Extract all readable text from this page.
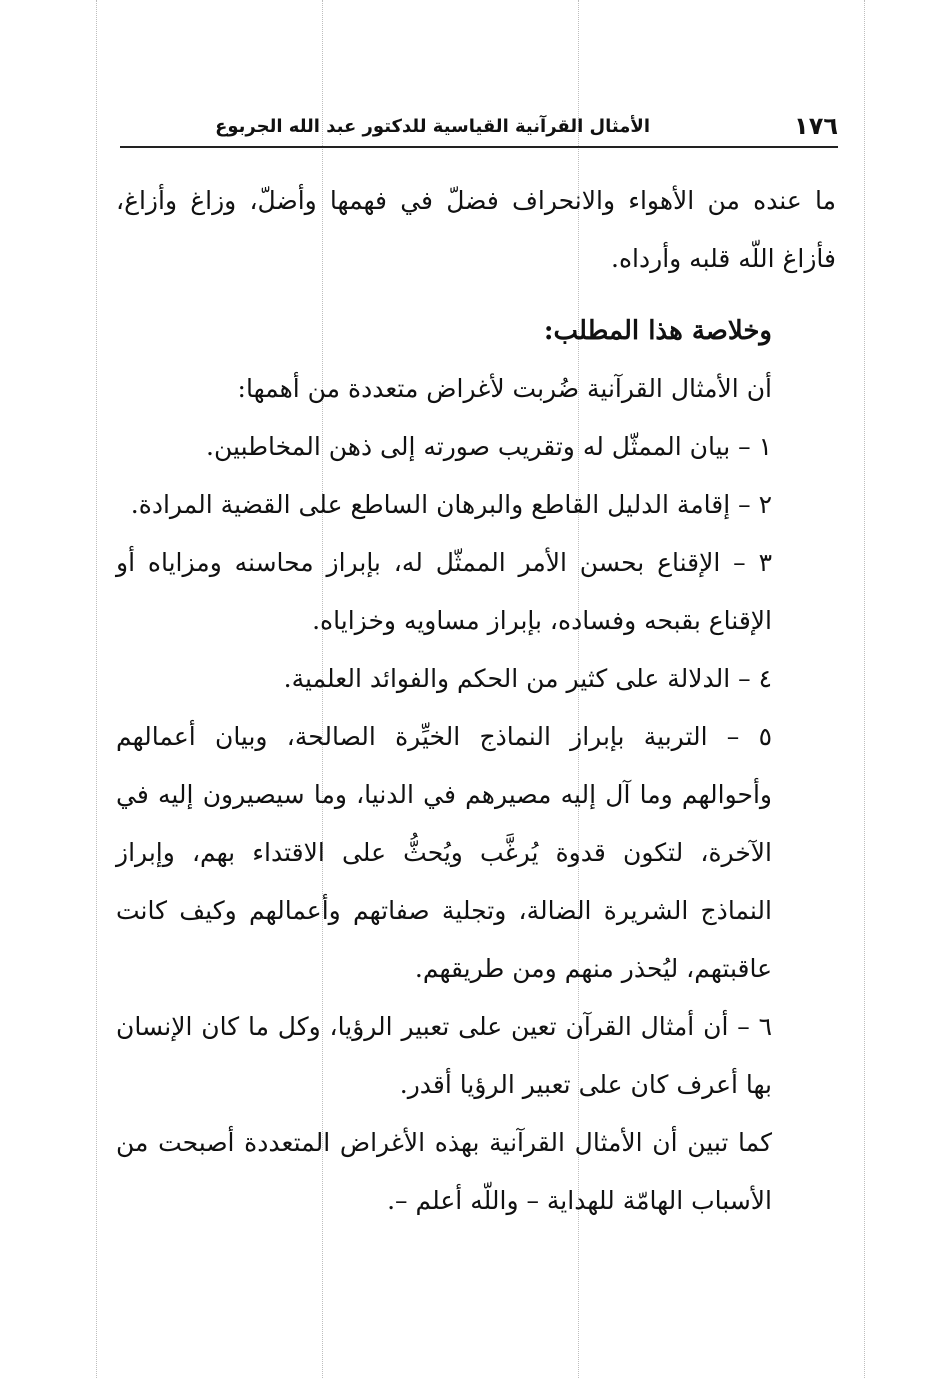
١٧٦
الأمثال القرآنية القياسية للدكتور عبد الله الجربوع

ما عنده من الأهواء والانحراف فضلّ في فهمها وأضلّ، وزاغ وأزاغ، فأزاغ اللّه قلبه وأرداه.

وخلاصة هذا المطلب:

أن الأمثال القرآنية ضُربت لأغراض متعددة من أهمها:

١ – بيان الممثّل له وتقريب صورته إلى ذهن المخاطبين.

٢ – إقامة الدليل القاطع والبرهان الساطع على القضية المرادة.

٣ – الإقناع بحسن الأمر الممثّل له، بإبراز محاسنه ومزاياه أو الإقناع بقبحه وفساده، بإبراز مساويه وخزاياه.

٤ – الدلالة على كثير من الحكم والفوائد العلمية.

٥ – التربية بإبراز النماذج الخيِّرة الصالحة، وبيان أعمالهم وأحوالهم وما آل إليه مصيرهم في الدنيا، وما سيصيرون إليه في الآخرة، لتكون قدوة يُرغَّب ويُحثُّ على الاقتداء بهم، وإبراز النماذج الشريرة الضالة، وتجلية صفاتهم وأعمالهم وكيف كانت عاقبتهم، ليُحذر منهم ومن طريقهم.

٦ – أن أمثال القرآن تعين على تعبير الرؤيا، وكل ما كان الإنسان بها أعرف كان على تعبير الرؤيا أقدر.

كما تبين أن الأمثال القرآنية بهذه الأغراض المتعددة أصبحت من الأسباب الهامّة للهداية – واللّه أعلم –.
